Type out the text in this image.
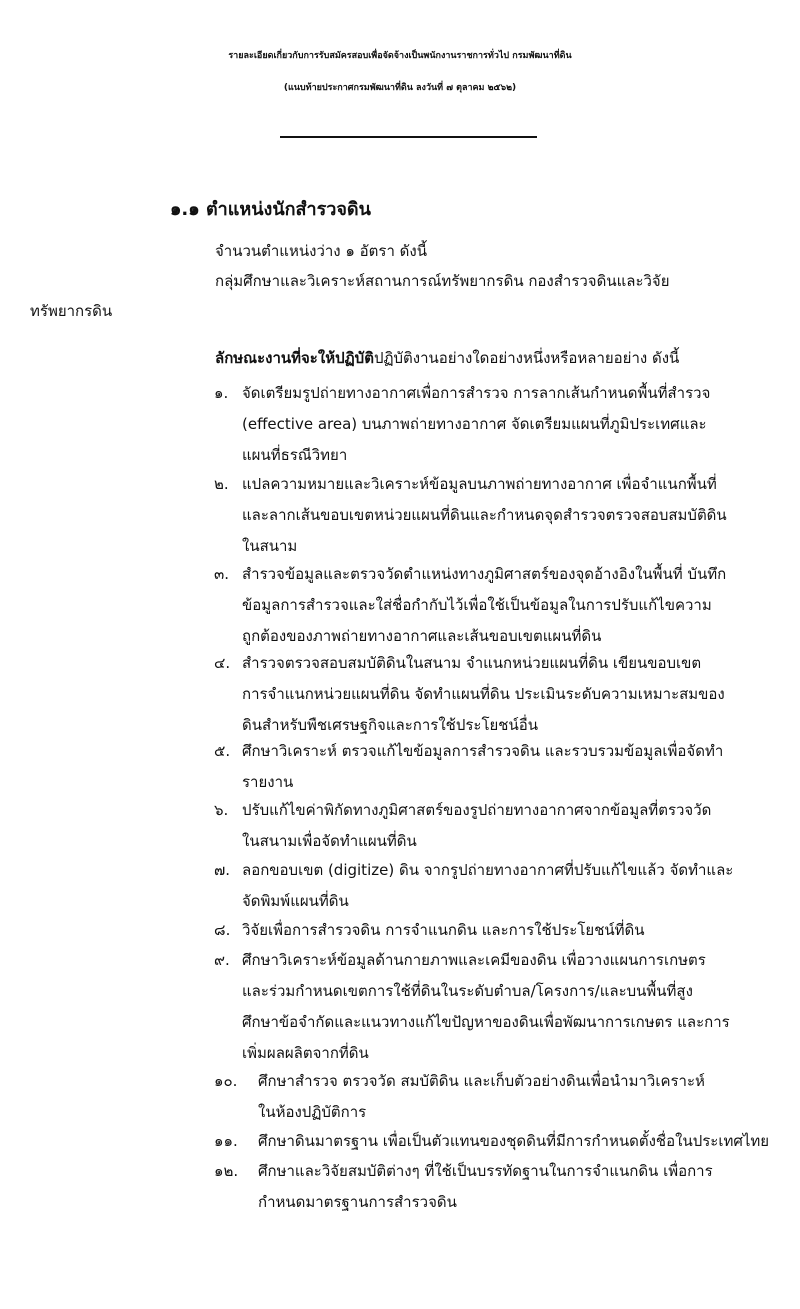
รายละเอียดเกี่ยวกับการรับสมัครสอบเพื่อจัดจ้างเป็นพนักงานราชการทั่วไป กรมพัฒนาที่ดิน
(แนบท้ายประกาศกรมพัฒนาที่ดิน ลงวันที่ ๗ ตุลาคม ๒๕๖๒)
๑.๑ ตำแหน่งนักสำรวจดิน
จำนวนตำแหน่งว่าง ๑ อัตรา ดังนี้
กลุ่มศึกษาและวิเคราะห์สถานการณ์ทรัพยากรดิน กองสำรวจดินและวิจัย
ทรัพยากรดิน
ลักษณะงานที่จะให้ปฏิบัติปฏิบัติงานอย่างใดอย่างหนึ่งหรือหลายอย่าง ดังนี้
๑. จัดเตรียมรูปถ่ายทางอากาศเพื่อการสำรวจ การลากเส้นกำหนดพื้นที่สำรวจ
(effective area) บนภาพถ่ายทางอากาศ จัดเตรียมแผนที่ภูมิประเทศและ
แผนที่ธรณีวิทยา
๒. แปลความหมายและวิเคราะห์ข้อมูลบนภาพถ่ายทางอากาศ เพื่อจำแนกพื้นที่
และลากเส้นขอบเขตหน่วยแผนที่ดินและกำหนดจุดสำรวจตรวจสอบสมบัติดิน
ในสนาม
๓. สำรวจข้อมูลและตรวจวัดตำแหน่งทางภูมิศาสตร์ของจุดอ้างอิงในพื้นที่ บันทึก
ข้อมูลการสำรวจและใส่ชื่อกำกับไว้เพื่อใช้เป็นข้อมูลในการปรับแก้ไขความ
ถูกต้องของภาพถ่ายทางอากาศและเส้นขอบเขตแผนที่ดิน
๔. สำรวจตรวจสอบสมบัติดินในสนาม จำแนกหน่วยแผนที่ดิน เขียนขอบเขต
การจำแนกหน่วยแผนที่ดิน จัดทำแผนที่ดิน ประเมินระดับความเหมาะสมของ
ดินสำหรับพืชเศรษฐกิจและการใช้ประโยชน์อื่น
๕. ศึกษาวิเคราะห์ ตรวจแก้ไขข้อมูลการสำรวจดิน และรวบรวมข้อมูลเพื่อจัดทำ
รายงาน
๖. ปรับแก้ไขค่าพิกัดทางภูมิศาสตร์ของรูปถ่ายทางอากาศจากข้อมูลที่ตรวจวัด
ในสนามเพื่อจัดทำแผนที่ดิน
๗. ลอกขอบเขต (digitize) ดิน จากรูปถ่ายทางอากาศที่ปรับแก้ไขแล้ว จัดทำและ
จัดพิมพ์แผนที่ดิน
๘. วิจัยเพื่อการสำรวจดิน การจำแนกดิน และการใช้ประโยชน์ที่ดิน
๙. ศึกษาวิเคราะห์ข้อมูลด้านกายภาพและเคมีของดิน เพื่อวางแผนการเกษตร
และร่วมกำหนดเขตการใช้ที่ดินในระดับตำบล/โครงการ/และบนพื้นที่สูง
ศึกษาข้อจำกัดและแนวทางแก้ไขปัญหาของดินเพื่อพัฒนาการเกษตร และการ
เพิ่มผลผลิตจากที่ดิน
๑๐. ศึกษาสำรวจ ตรวจวัด สมบัติดิน และเก็บตัวอย่างดินเพื่อนำมาวิเคราะห์
ในห้องปฏิบัติการ
๑๑. ศึกษาดินมาตรฐาน เพื่อเป็นตัวแทนของชุดดินที่มีการกำหนดตั้งชื่อในประเทศไทย
๑๒. ศึกษาและวิจัยสมบัติต่างๆ ที่ใช้เป็นบรรทัดฐานในการจำแนกดิน เพื่อการ
กำหนดมาตรฐานการสำรวจดิน
